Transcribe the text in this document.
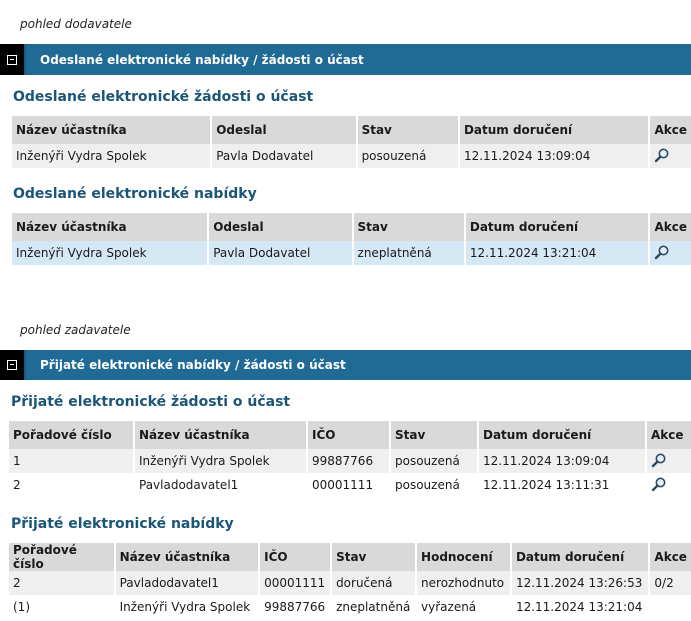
pohled dodavatele
Odeslané elektronické nabídky / žádosti o účast
Odeslané elektronické žádosti o účast
Název účastníka	Odeslal	Stav	Datum doručení	Akce
Inženýři Vydra Spolek	Pavla Dodavatel	posouzená	12.11.2024 13:09:04	
Odeslané elektronické nabídky
Název účastníka	Odeslal	Stav	Datum doručení	Akce
Inženýři Vydra Spolek	Pavla Dodavatel	zneplatněná	12.11.2024 13:21:04	
pohled zadavatele
Přijaté elektronické nabídky / žádosti o účast
Přijaté elektronické žádosti o účast
Pořadové číslo	Název účastníka	IČO	Stav	Datum doručení	Akce
1	Inženýři Vydra Spolek	99887766	posouzená	12.11.2024 13:09:04	
2	Pavladodavatel1	00001111	posouzená	12.11.2024 13:11:31	
Přijaté elektronické nabídky
Pořadové číslo	Název účastníka	IČO	Stav	Hodnocení	Datum doručení	Akce
2	Pavladodavatel1	00001111	doručená	nerozhodnuto	12.11.2024 13:26:53	0/2
(1)	Inženýři Vydra Spolek	99887766	zneplatněná	vyřazená	12.11.2024 13:21:04	
